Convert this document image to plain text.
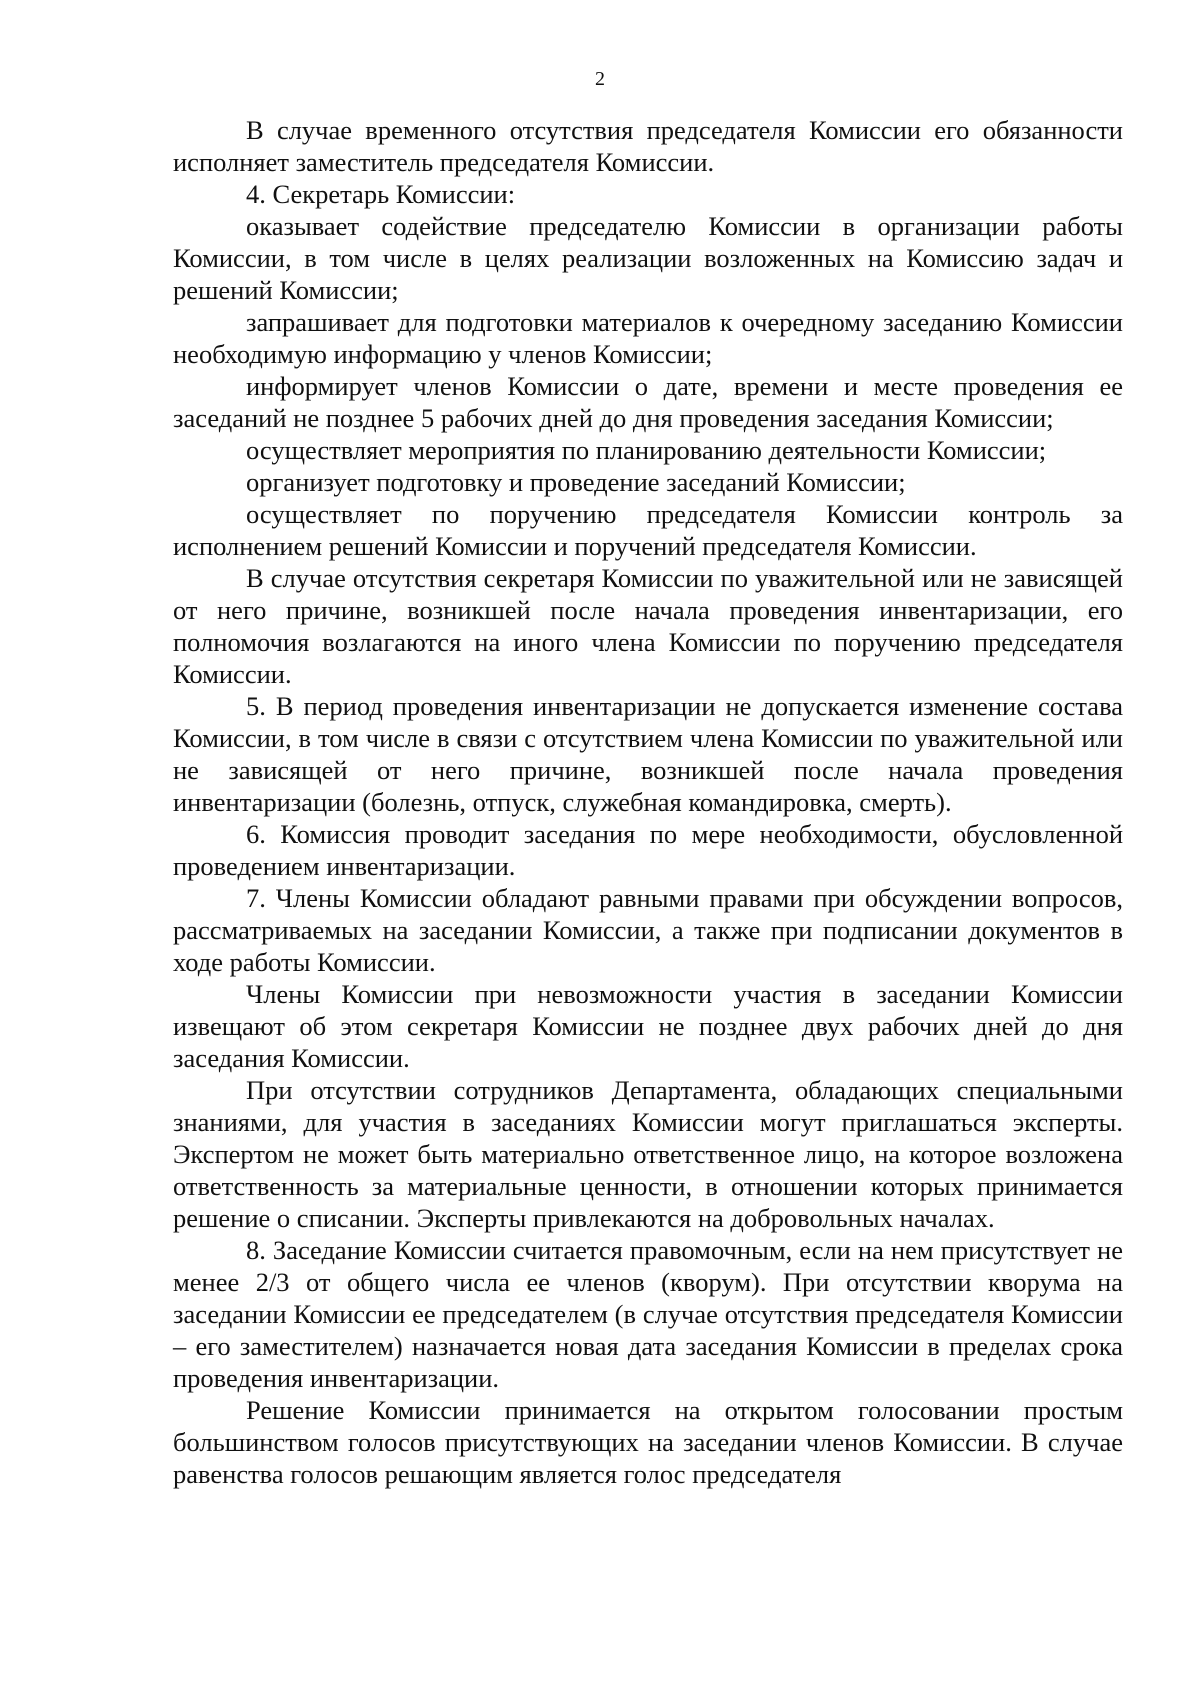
2

В случае временного отсутствия председателя Комиссии его обязанности исполняет заместитель председателя Комиссии.

4. Секретарь Комиссии:

оказывает содействие председателю Комиссии в организации работы Комиссии, в том числе в целях реализации возложенных на Комиссию задач и решений Комиссии;

запрашивает для подготовки материалов к очередному заседанию Комиссии необходимую информацию у членов Комиссии;

информирует членов Комиссии о дате, времени и месте проведения ее заседаний не позднее 5 рабочих дней до дня проведения заседания Комиссии;

осуществляет мероприятия по планированию деятельности Комиссии;

организует подготовку и проведение заседаний Комиссии;

осуществляет по поручению председателя Комиссии контроль за исполнением решений Комиссии и поручений председателя Комиссии.

В случае отсутствия секретаря Комиссии по уважительной или не зависящей от него причине, возникшей после начала проведения инвентаризации, его полномочия возлагаются на иного члена Комиссии по поручению председателя Комиссии.

5. В период проведения инвентаризации не допускается изменение состава Комиссии, в том числе в связи с отсутствием члена Комиссии по уважительной или не зависящей от него причине, возникшей после начала проведения инвентаризации (болезнь, отпуск, служебная командировка, смерть).

6. Комиссия проводит заседания по мере необходимости, обусловленной проведением инвентаризации.

7. Члены Комиссии обладают равными правами при обсуждении вопросов, рассматриваемых на заседании Комиссии, а также при подписании документов в ходе работы Комиссии.

Члены Комиссии при невозможности участия в заседании Комиссии извещают об этом секретаря Комиссии не позднее двух рабочих дней до дня заседания Комиссии.

При отсутствии сотрудников Департамента, обладающих специальными знаниями, для участия в заседаниях Комиссии могут приглашаться эксперты. Экспертом не может быть материально ответственное лицо, на которое возложена ответственность за материальные ценности, в отношении которых принимается решение о списании. Эксперты привлекаются на добровольных началах.

8. Заседание Комиссии считается правомочным, если на нем присутствует не менее 2/3 от общего числа ее членов (кворум). При отсутствии кворума на заседании Комиссии ее председателем (в случае отсутствия председателя Комиссии – его заместителем) назначается новая дата заседания Комиссии в пределах срока проведения инвентаризации.

Решение Комиссии принимается на открытом голосовании простым большинством голосов присутствующих на заседании членов Комиссии. В случае равенства голосов решающим является голос председателя
